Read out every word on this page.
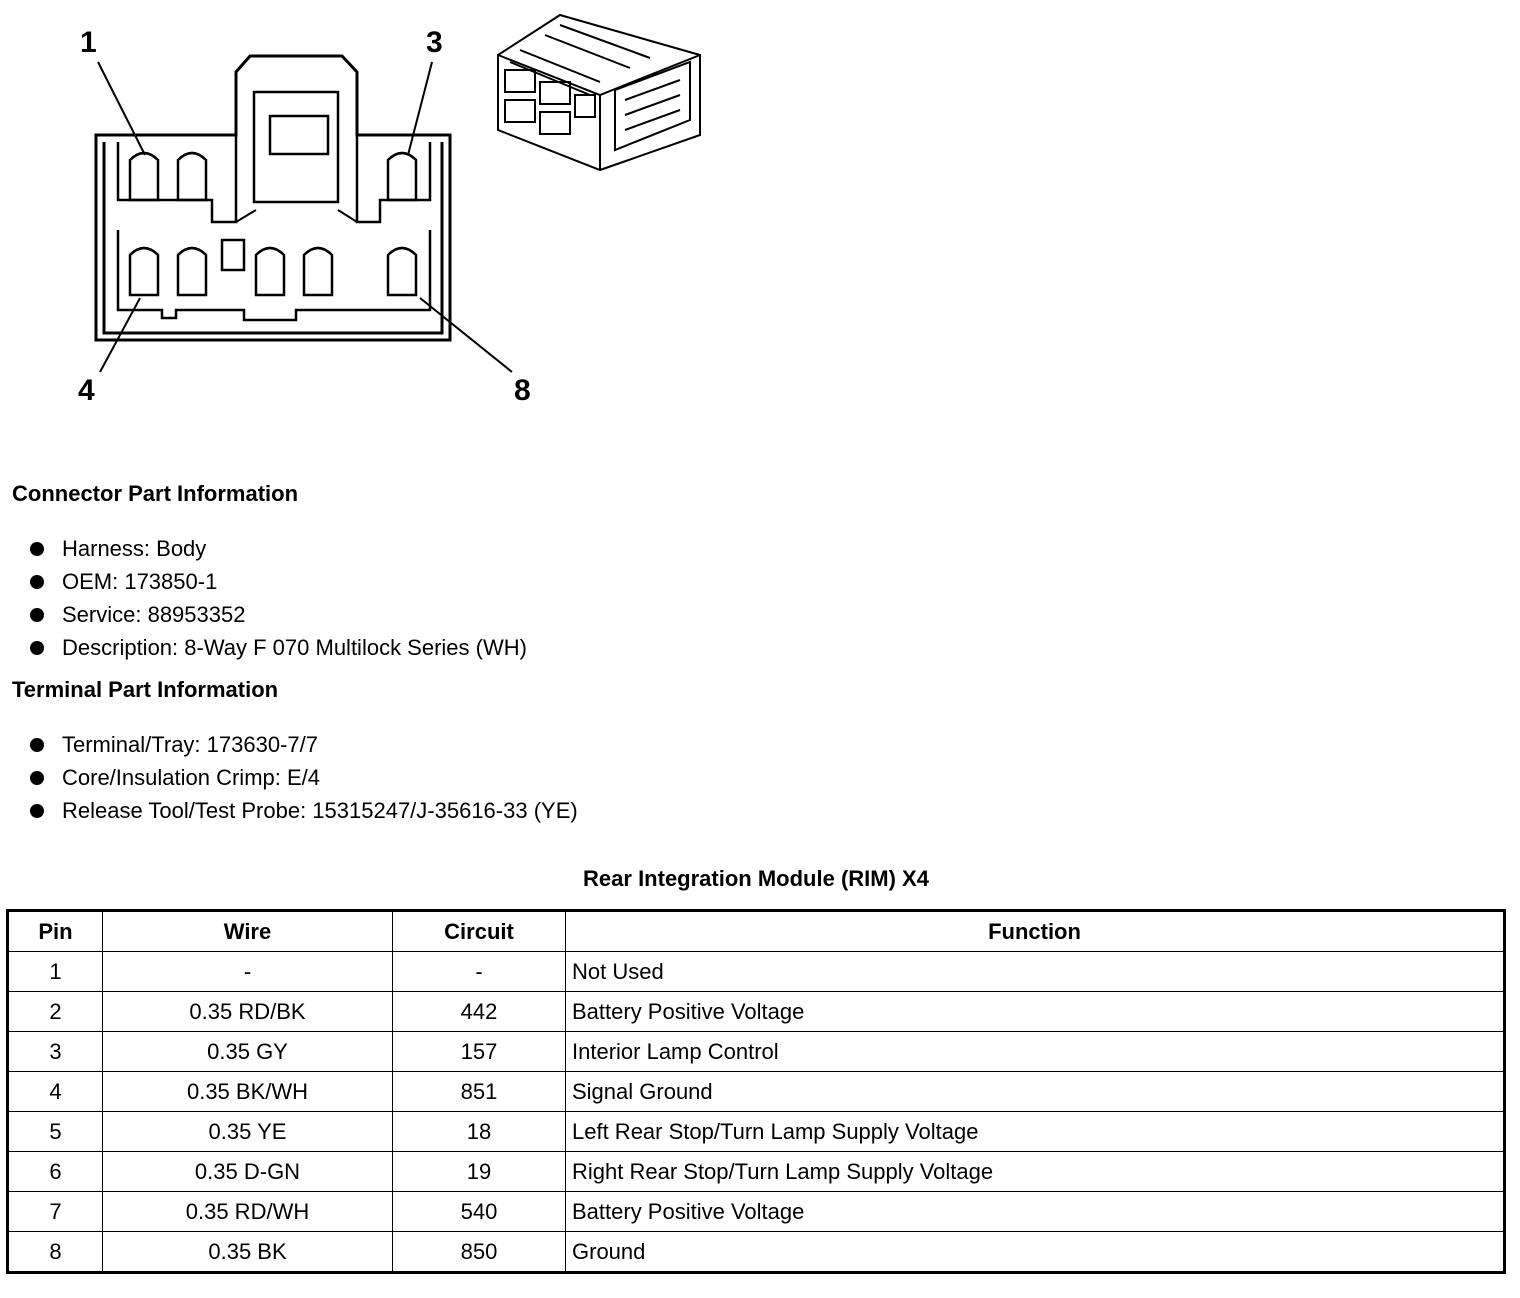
1	3
4	8
Connector Part Information
Harness: Body
OEM: 173850-1
Service: 88953352
Description: 8-Way F 070 Multilock Series (WH)
Terminal Part Information
Terminal/Tray: 173630-7/7
Core/Insulation Crimp: E/4
Release Tool/Test Probe: 15315247/J-35616-33 (YE)
Rear Integration Module (RIM) X4
Pin	Wire	Circuit	Function
1	-	-	Not Used
2	0.35 RD/BK	442	Battery Positive Voltage
3	0.35 GY	157	Interior Lamp Control
4	0.35 BK/WH	851	Signal Ground
5	0.35 YE	18	Left Rear Stop/Turn Lamp Supply Voltage
6	0.35 D-GN	19	Right Rear Stop/Turn Lamp Supply Voltage
7	0.35 RD/WH	540	Battery Positive Voltage
8	0.35 BK	850	Ground
